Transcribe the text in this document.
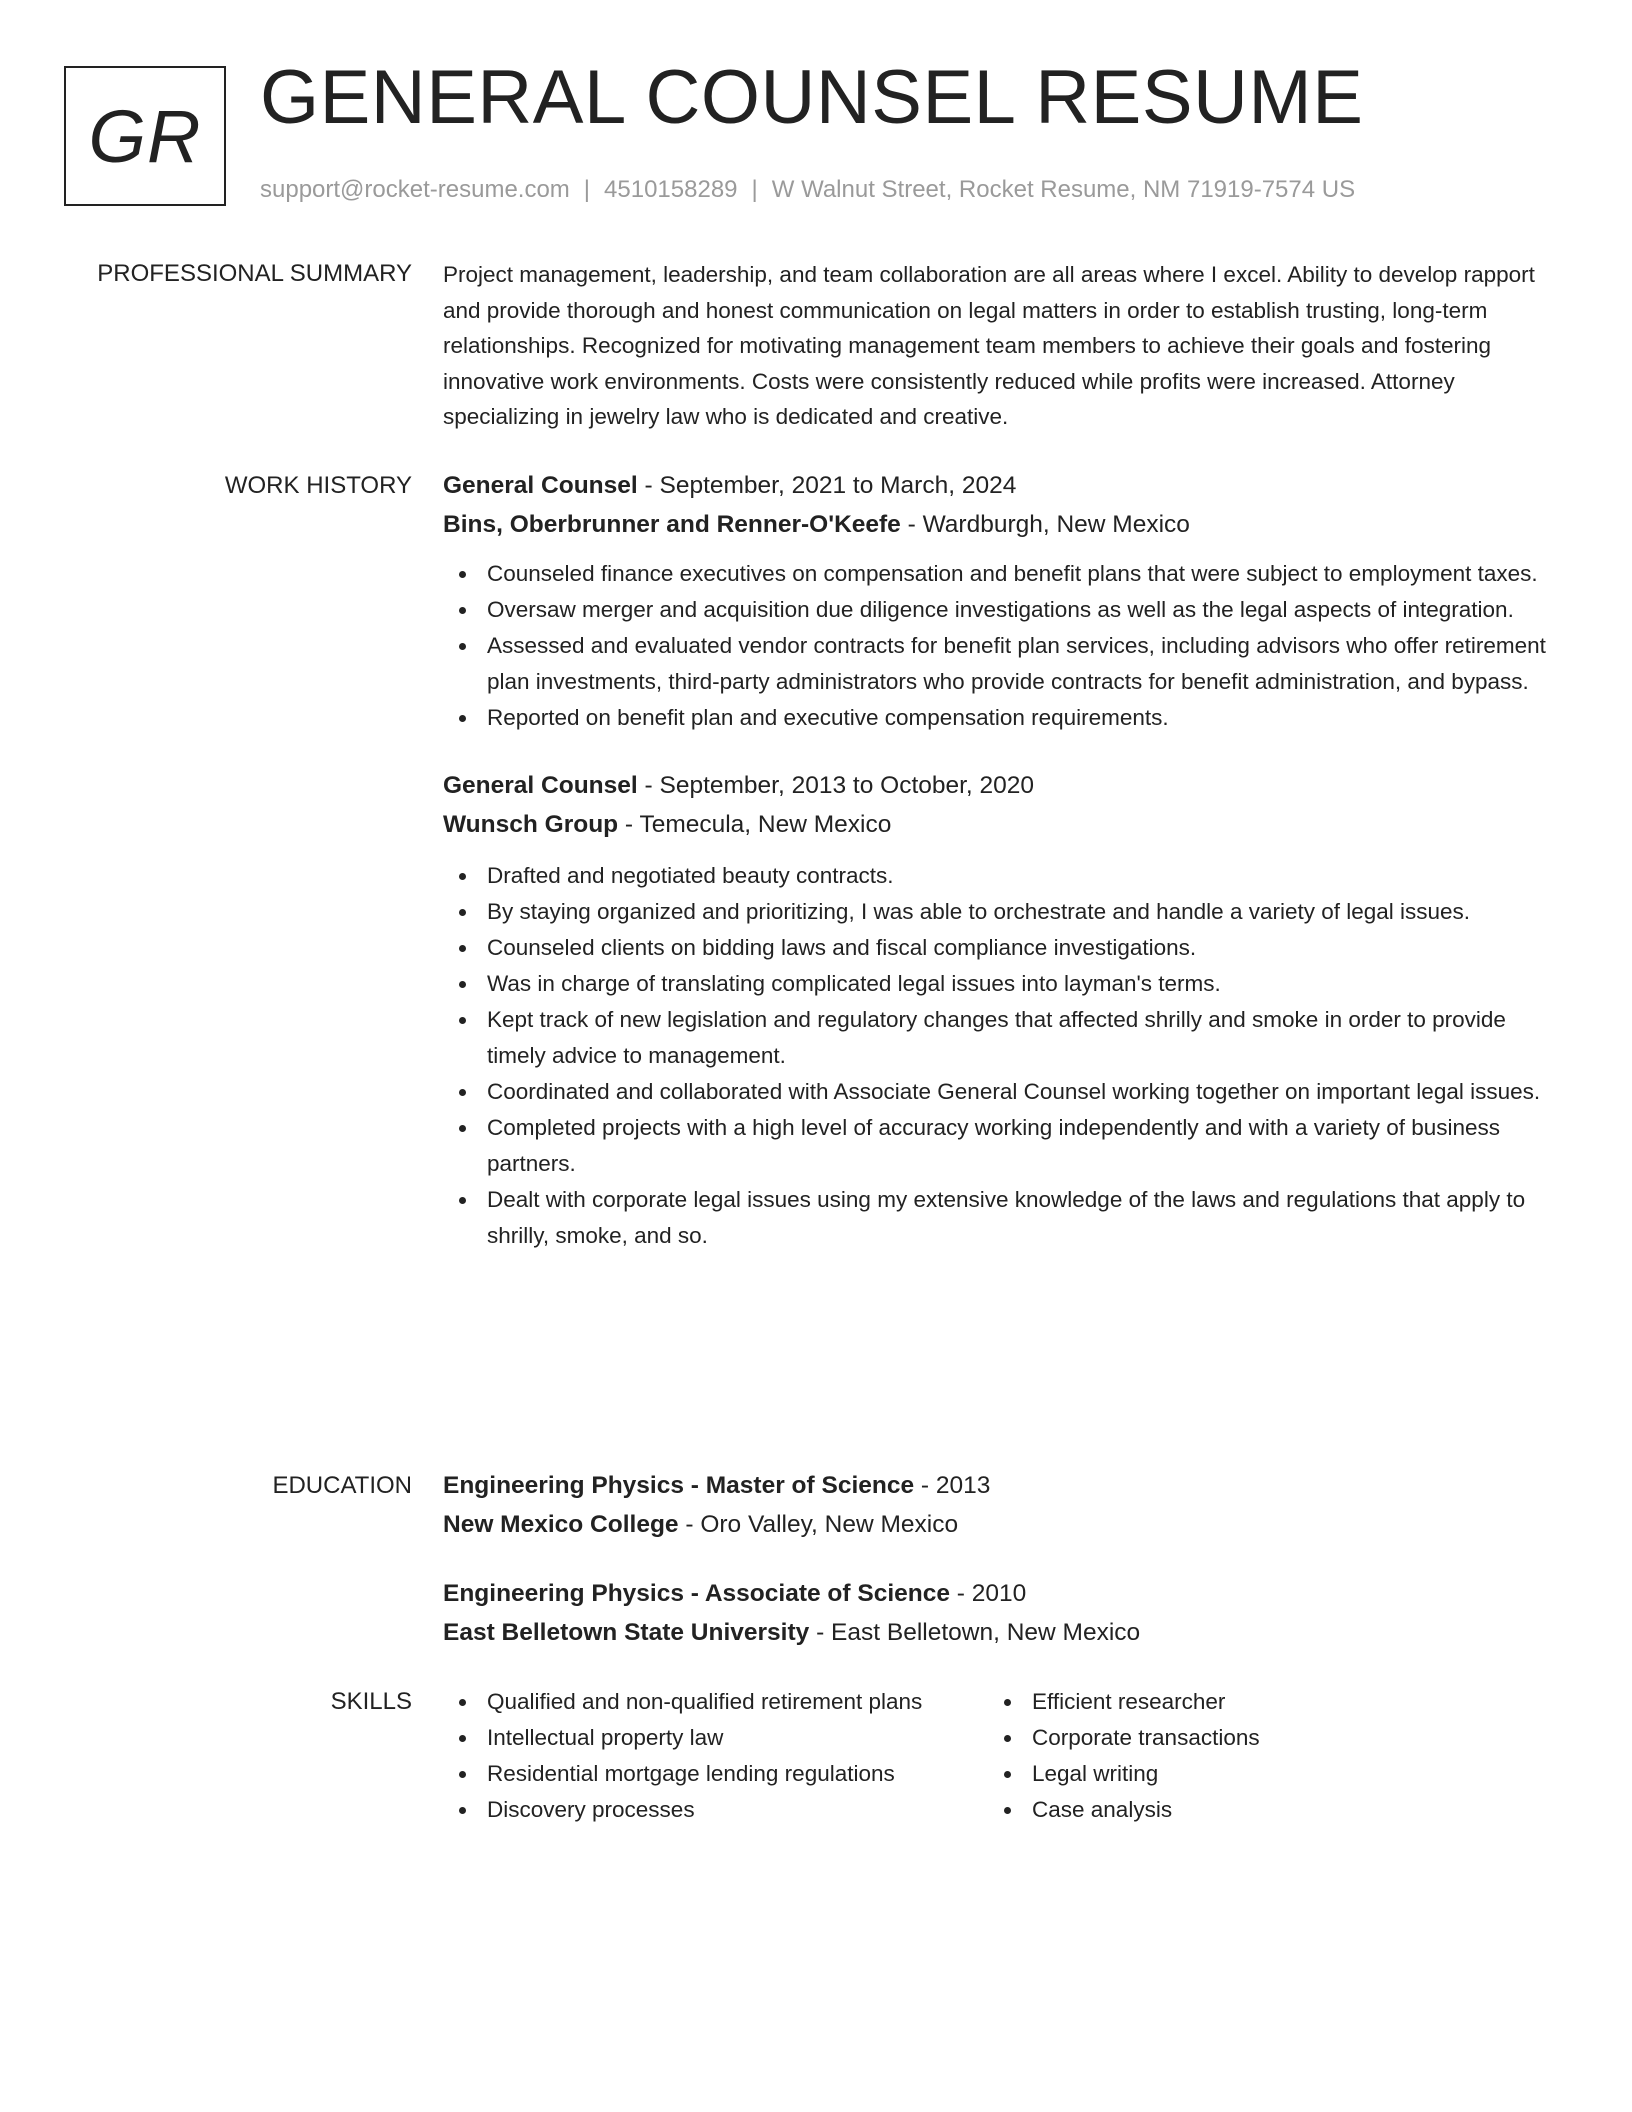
GR GENERAL COUNSEL RESUME
support@rocket-resume.com | 4510158289 | W Walnut Street, Rocket Resume, NM 71919-7574 US
PROFESSIONAL SUMMARY Project management, leadership, and team collaboration are all areas where I excel. Ability to develop rapport and provide thorough and honest communication on legal matters in order to establish trusting, long-term relationships. Recognized for motivating management team members to achieve their goals and fostering innovative work environments. Costs were consistently reduced while profits were increased. Attorney specializing in jewelry law who is dedicated and creative.

WORK HISTORY General Counsel - September, 2021 to March, 2024
Bins, Oberbrunner and Renner-O'Keefe - Wardburgh, New Mexico
Counseled finance executives on compensation and benefit plans that were subject to employment taxes.
Oversaw merger and acquisition due diligence investigations as well as the legal aspects of integration.
Assessed and evaluated vendor contracts for benefit plan services, including advisors who offer retirement plan investments, third-party administrators who provide contracts for benefit administration, and bypass.
Reported on benefit plan and executive compensation requirements.
General Counsel - September, 2013 to October, 2020
Wunsch Group - Temecula, New Mexico
Drafted and negotiated beauty contracts.
By staying organized and prioritizing, I was able to orchestrate and handle a variety of legal issues.
Counseled clients on bidding laws and fiscal compliance investigations.
Was in charge of translating complicated legal issues into layman's terms.
Kept track of new legislation and regulatory changes that affected shrilly and smoke in order to provide timely advice to management.
Coordinated and collaborated with Associate General Counsel working together on important legal issues.
Completed projects with a high level of accuracy working independently and with a variety of business partners.
Dealt with corporate legal issues using my extensive knowledge of the laws and regulations that apply to shrilly, smoke, and so.
EDUCATION Engineering Physics - Master of Science - 2013
New Mexico College - Oro Valley, New Mexico
Engineering Physics - Associate of Science - 2010
East Belletown State University - East Belletown, New Mexico
SKILLS	Qualified and non-qualified retirement plans
Intellectual property law
Residential mortgage lending regulations
Discovery processes
Efficient researcher
Corporate transactions
Legal writing
Case analysis
